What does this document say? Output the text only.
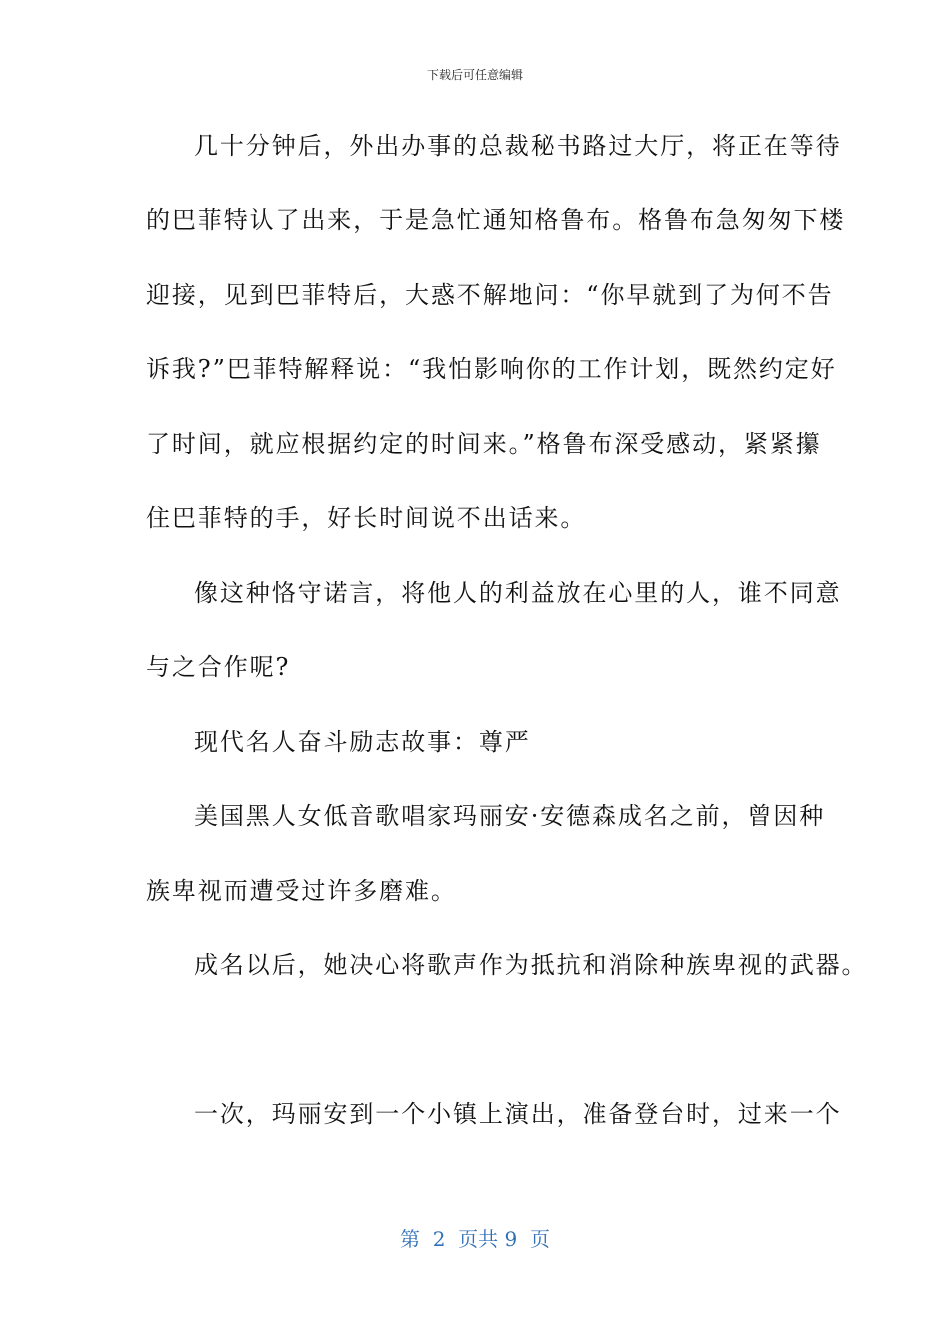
下载后可任意编辑
几十分钟后，外出办事的总裁秘书路过大厅，将正在等待
的巴菲特认了出来，于是急忙通知格鲁布。格鲁布急匆匆下楼
迎接，见到巴菲特后，大惑不解地问：“你早就到了为何不告
诉我?”巴菲特解释说：“我怕影响你的工作计划，既然约定好
了时间，就应根据约定的时间来。”格鲁布深受感动，紧紧攥
住巴菲特的手，好长时间说不出话来。
像这种恪守诺言，将他人的利益放在心里的人，谁不同意
与之合作呢?
现代名人奋斗励志故事：尊严
美国黑人女低音歌唱家玛丽安·安德森成名之前，曾因种
族卑视而遭受过许多磨难。
成名以后，她决心将歌声作为抵抗和消除种族卑视的武器。
一次，玛丽安到一个小镇上演出，准备登台时，过来一个
第  2  页共 9  页
